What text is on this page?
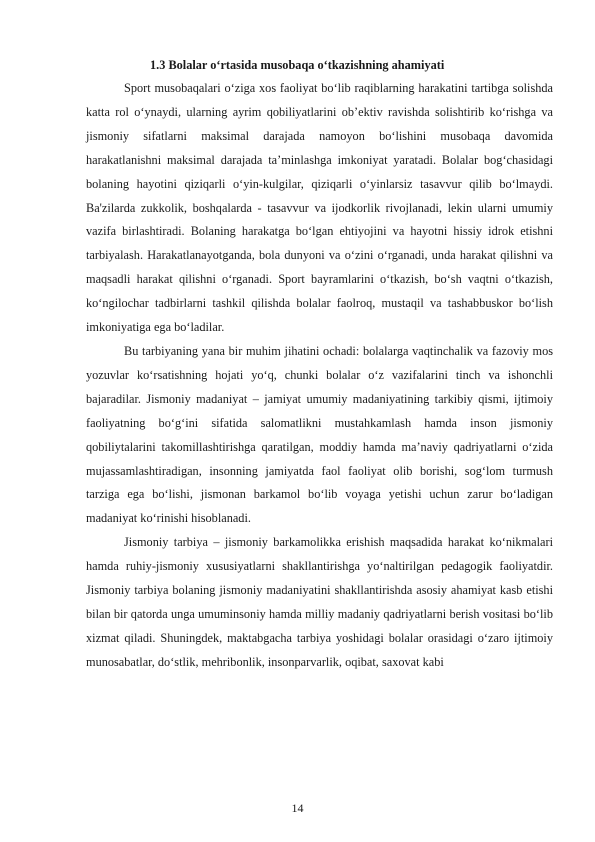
1.3 Bolalar o‘rtasida musobaqa o‘tkazishning ahamiyati

Sport musobaqalari o‘ziga xos faoliyat bo‘lib raqiblarning harakatini tartibga solishda katta rol o‘ynaydi, ularning ayrim qobiliyatlarini ob’ektiv ravishda solishtirib ko‘rishga va jismoniy sifatlarni maksimal darajada namoyon bo‘lishini musobaqa davomida harakatlanishni maksimal darajada ta’minlashga imkoniyat yaratadi. Bolalar bog‘chasidagi bolaning hayotini qiziqarli o‘yin-kulgilar, qiziqarli o‘yinlarsiz tasavvur qilib bo‘lmaydi. Ba'zilarda zukkolik, boshqalarda - tasavvur va ijodkorlik rivojlanadi, lekin ularni umumiy vazifa birlashtiradi. Bolaning harakatga bo‘lgan ehtiyojini va hayotni hissiy idrok etishni tarbiyalash. Harakatlanayotganda, bola dunyoni va o‘zini o‘rganadi, unda harakat qilishni va maqsadli harakat qilishni o‘rganadi. Sport bayramlarini o‘tkazish, bo‘sh vaqtni o‘tkazish, ko‘ngilochar tadbirlarni tashkil qilishda bolalar faolroq, mustaqil va tashabbuskor bo‘lish imkoniyatiga ega bo‘ladilar.

Bu tarbiyaning yana bir muhim jihatini ochadi: bolalarga vaqtinchalik va fazoviy mos yozuvlar ko‘rsatishning hojati yo‘q, chunki bolalar o‘z vazifalarini tinch va ishonchli bajaradilar. Jismoniy madaniyat – jamiyat umumiy madaniyatining tarkibiy qismi, ijtimoiy faoliyatning bo‘g‘ini sifatida salomatlikni mustahkamlash hamda inson jismoniy qobiliytalarini takomillashtirishga qaratilgan, moddiy hamda ma’naviy qadriyatlarni o‘zida mujassamlashtiradigan, insonning jamiyatda faol faoliyat olib borishi, sog‘lom turmush tarziga ega bo‘lishi, jismonan barkamol bo‘lib voyaga yetishi uchun zarur bo‘ladigan madaniyat ko‘rinishi hisoblanadi.

Jismoniy tarbiya – jismoniy barkamolikka erishish maqsadida harakat ko‘nikmalari hamda ruhiy-jismoniy xususiyatlarni shakllantirishga yo‘naltirilgan pedagogik faoliyatdir. Jismoniy tarbiya bolaning jismoniy madaniyatini shakllantirishda asosiy ahamiyat kasb etishi bilan bir qatorda unga umuminsoniy hamda milliy madaniy qadriyatlarni berish vositasi bo‘lib xizmat qiladi. Shuningdek, maktabgacha tarbiya yoshidagi bolalar orasidagi o‘zaro ijtimoiy munosabatlar, do‘stlik, mehribonlik, insonparvarlik, oqibat, saxovat kabi

14
